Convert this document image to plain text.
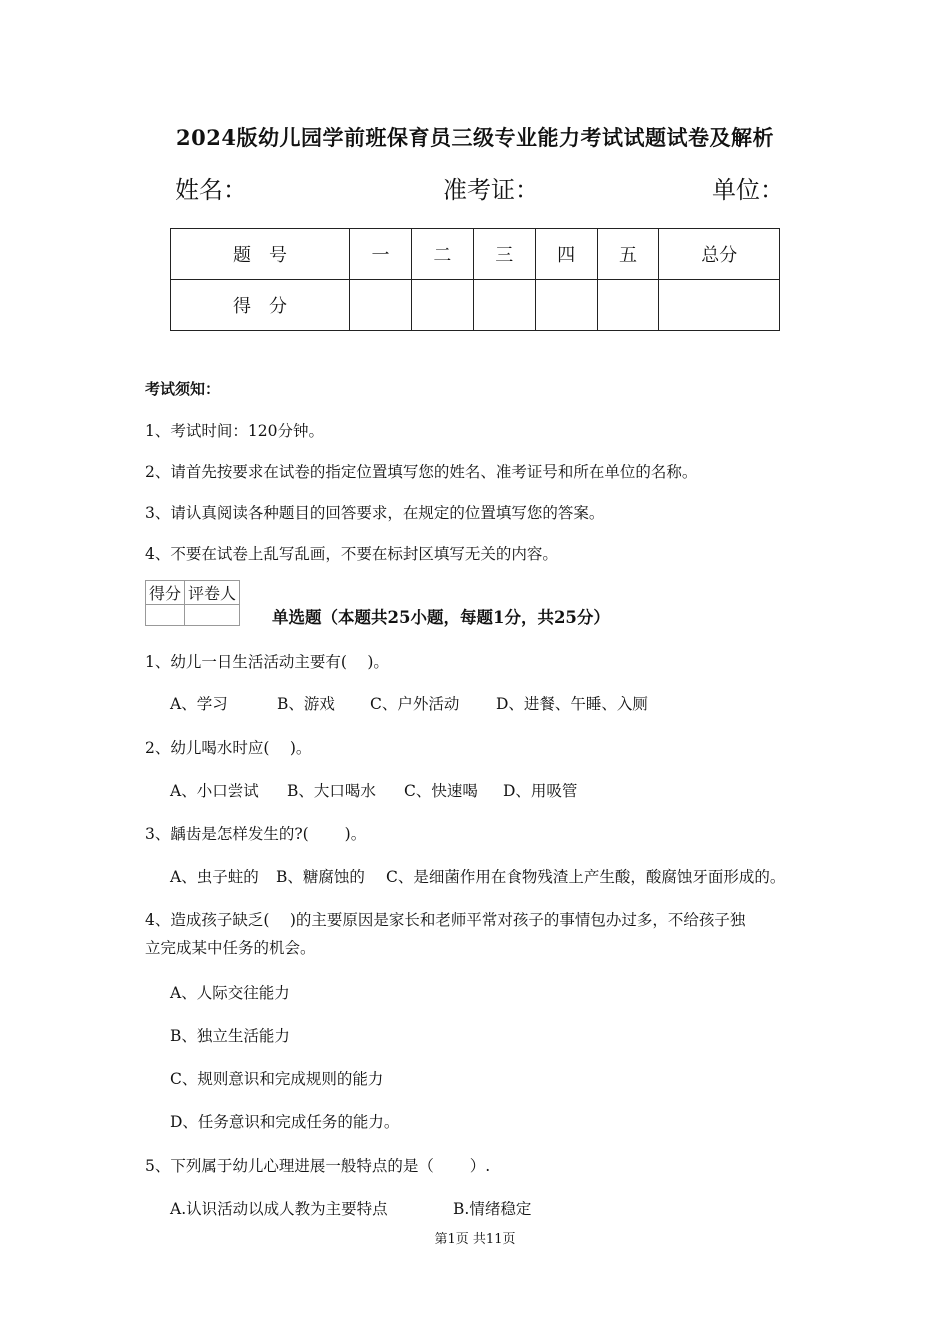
2024版幼儿园学前班保育员三级专业能力考试试题试卷及解析
姓名：	准考证：	单位：
题　号	一	二	三	四	五	总分
得　分						
考试须知：
1、考试时间：120分钟。
2、请首先按要求在试卷的指定位置填写您的姓名、准考证号和所在单位的名称。
3、请认真阅读各种题目的回答要求，在规定的位置填写您的答案。
4、不要在试卷上乱写乱画，不要在标封区填写无关的内容。
得分	评卷人

单选题（本题共25小题，每题1分，共25分）
1、幼儿一日生活活动主要有(　 )。
A、学习	B、游戏 C、户外活动 D、进餐、午睡、入厕
2、幼儿喝水时应(　 )。
A、小口尝试 B、大口喝水 C、快速喝 D、用吸管
3、龋齿是怎样发生的?(　 　)。
A、虫子蛀的 B、糖腐蚀的 C、是细菌作用在食物残渣上产生酸，酸腐蚀牙面形成的。
4、造成孩子缺乏(　 )的主要原因是家长和老师平常对孩子的事情包办过多，不给孩子独
立完成某中任务的机会。
A、人际交往能力
B、独立生活能力
C、规则意识和完成规则的能力
D、任务意识和完成任务的能力。
5、下列属于幼儿心理进展一般特点的是（　 　）.
A.认识活动以成人教为主要特点	B.情绪稳定
第1页 共11页
